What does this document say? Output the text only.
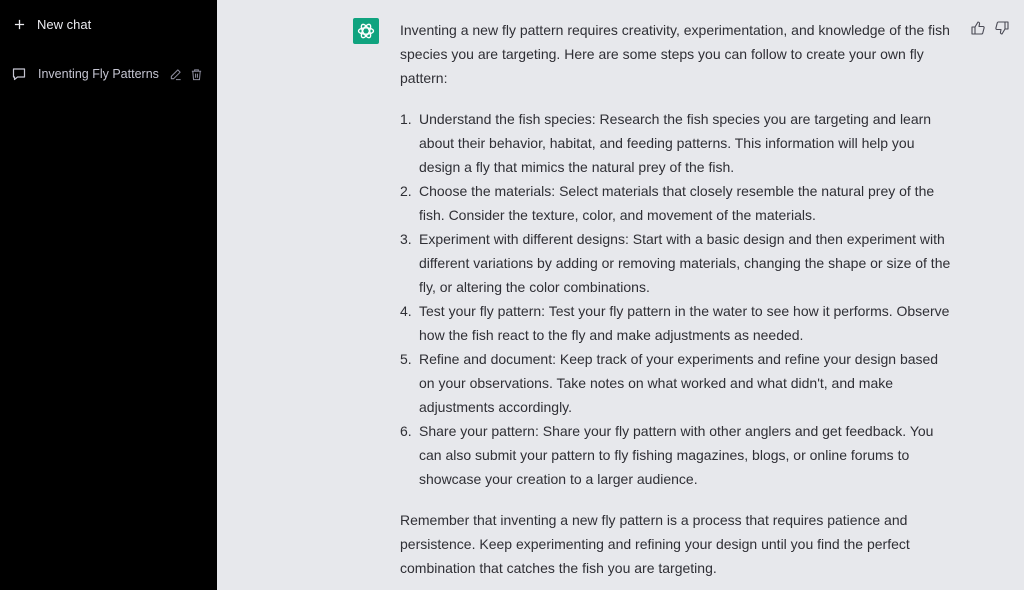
New chat
Inventing Fly Patterns

Inventing a new fly pattern requires creativity, experimentation, and knowledge of the fish species you are targeting. Here are some steps you can follow to create your own fly pattern:

1. Understand the fish species: Research the fish species you are targeting and learn about their behavior, habitat, and feeding patterns. This information will help you design a fly that mimics the natural prey of the fish.
2. Choose the materials: Select materials that closely resemble the natural prey of the fish. Consider the texture, color, and movement of the materials.
3. Experiment with different designs: Start with a basic design and then experiment with different variations by adding or removing materials, changing the shape or size of the fly, or altering the color combinations.
4. Test your fly pattern: Test your fly pattern in the water to see how it performs. Observe how the fish react to the fly and make adjustments as needed.
5. Refine and document: Keep track of your experiments and refine your design based on your observations. Take notes on what worked and what didn't, and make adjustments accordingly.
6. Share your pattern: Share your fly pattern with other anglers and get feedback. You can also submit your pattern to fly fishing magazines, blogs, or online forums to showcase your creation to a larger audience.

Remember that inventing a new fly pattern is a process that requires patience and persistence. Keep experimenting and refining your design until you find the perfect combination that catches the fish you are targeting.
